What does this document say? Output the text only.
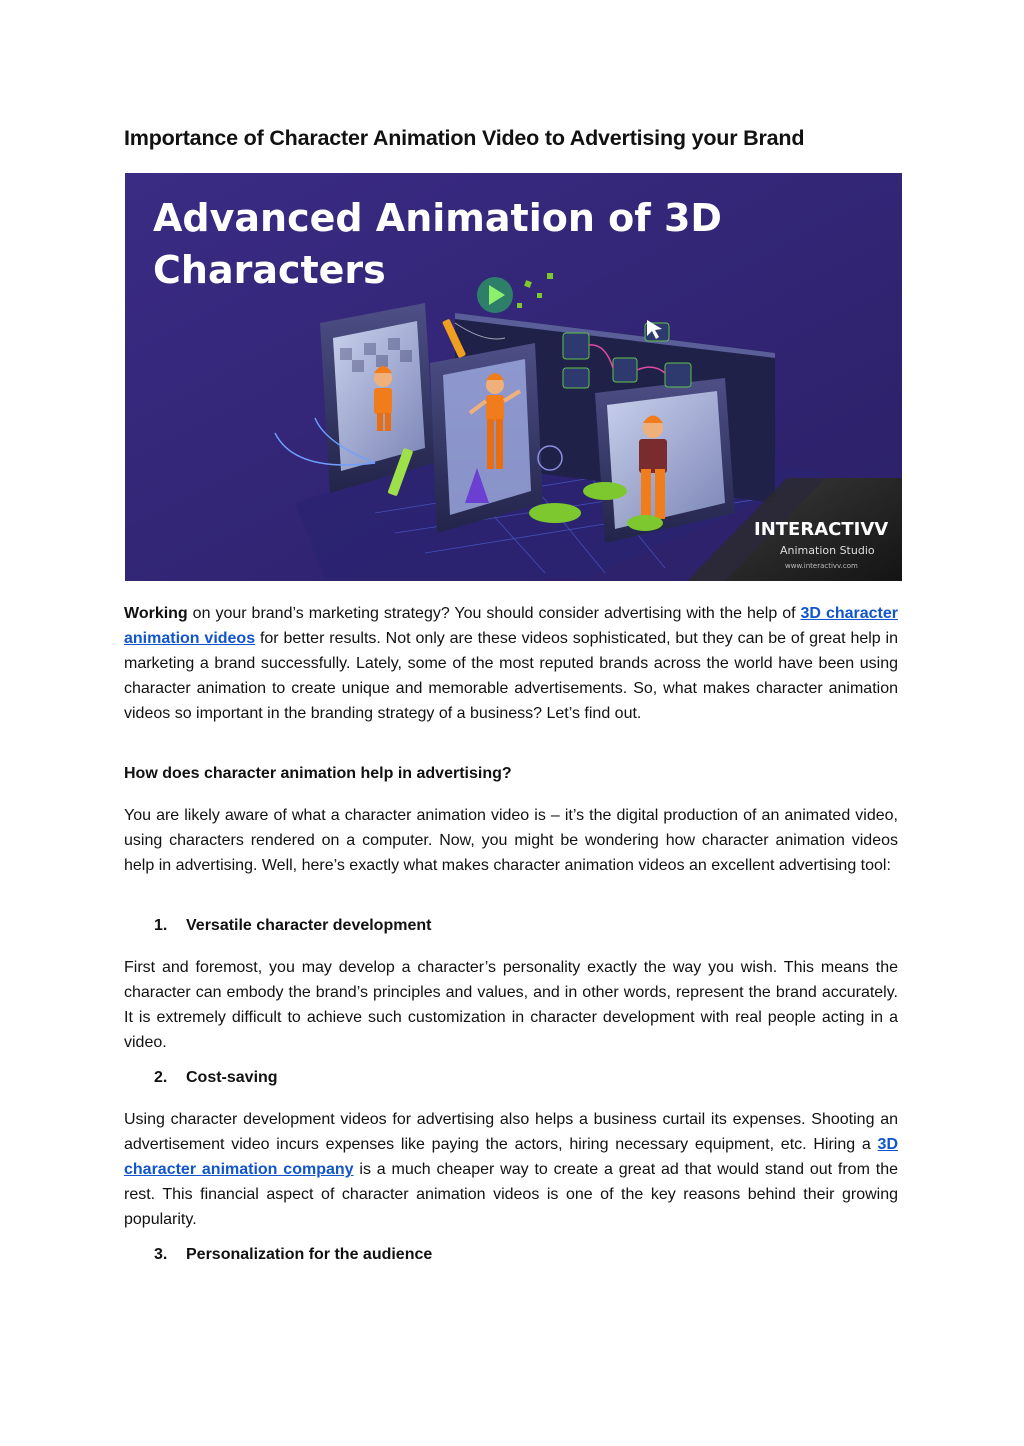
Importance of Character Animation Video to Advertising your Brand
Advanced Animation of 3D
Characters
INTERACTIVV
Animation Studio
www.interactivv.com

Working on your brand’s marketing strategy? You should consider advertising with the help of 3D character animation videos for better results. Not only are these videos sophisticated, but they can be of great help in marketing a brand successfully. Lately, some of the most reputed brands across the world have been using character animation to create unique and memorable advertisements. So, what makes character animation videos so important in the branding strategy of a business? Let’s find out.

How does character animation help in advertising?

You are likely aware of what a character animation video is – it’s the digital production of an animated video, using characters rendered on a computer. Now, you might be wondering how character animation videos help in advertising. Well, here’s exactly what makes character animation videos an excellent advertising tool:

1. Versatile character development

First and foremost, you may develop a character’s personality exactly the way you wish. This means the character can embody the brand’s principles and values, and in other words, represent the brand accurately. It is extremely difficult to achieve such customization in character development with real people acting in a video.

2. Cost-saving

Using character development videos for advertising also helps a business curtail its expenses. Shooting an advertisement video incurs expenses like paying the actors, hiring necessary equipment, etc. Hiring a 3D character animation company is a much cheaper way to create a great ad that would stand out from the rest. This financial aspect of character animation videos is one of the key reasons behind their growing popularity.

3. Personalization for the audience
